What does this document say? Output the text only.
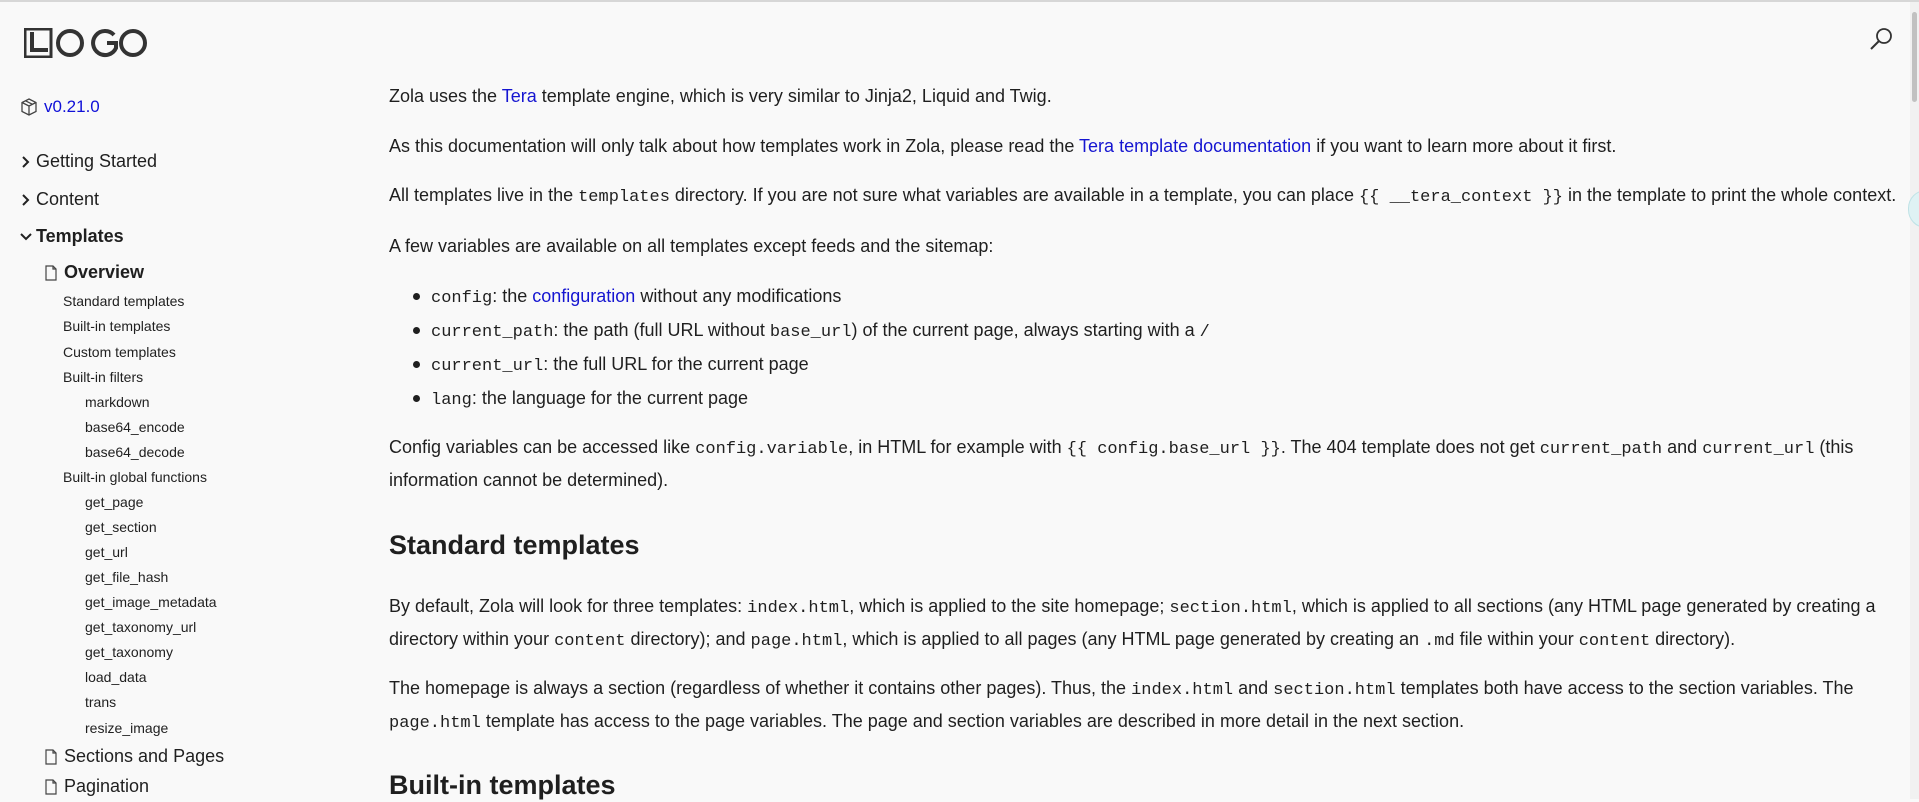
v0.21.0
Getting Started
Content
Templates
Overview
Standard templates
Built-in templates
Custom templates
Built-in filters
markdown
base64_encode
base64_decode
Built-in global functions
get_page
get_section
get_url
get_file_hash
get_image_metadata
get_taxonomy_url
get_taxonomy
load_data
trans
resize_image
Sections and Pages
Pagination

Zola uses the Tera template engine, which is very similar to Jinja2, Liquid and Twig.

As this documentation will only talk about how templates work in Zola, please read the Tera template documentation if you want to learn more about it first.

All templates live in the templates directory. If you are not sure what variables are available in a template, you can place {{ __tera_context }} in the template to print the whole context.

A few variables are available on all templates except feeds and the sitemap:

config: the configuration without any modifications
current_path: the path (full URL without base_url) of the current page, always starting with a /
current_url: the full URL for the current page
lang: the language for the current page

Config variables can be accessed like config.variable, in HTML for example with {{ config.base_url }}. The 404 template does not get current_path and current_url (this

information cannot be determined).

Standard templates

By default, Zola will look for three templates: index.html, which is applied to the site homepage; section.html, which is applied to all sections (any HTML page generated by creating a

directory within your content directory); and page.html, which is applied to all pages (any HTML page generated by creating an .md file within your content directory).

The homepage is always a section (regardless of whether it contains other pages). Thus, the index.html and section.html templates both have access to the section variables. The

page.html template has access to the page variables. The page and section variables are described in more detail in the next section.

Built-in templates
